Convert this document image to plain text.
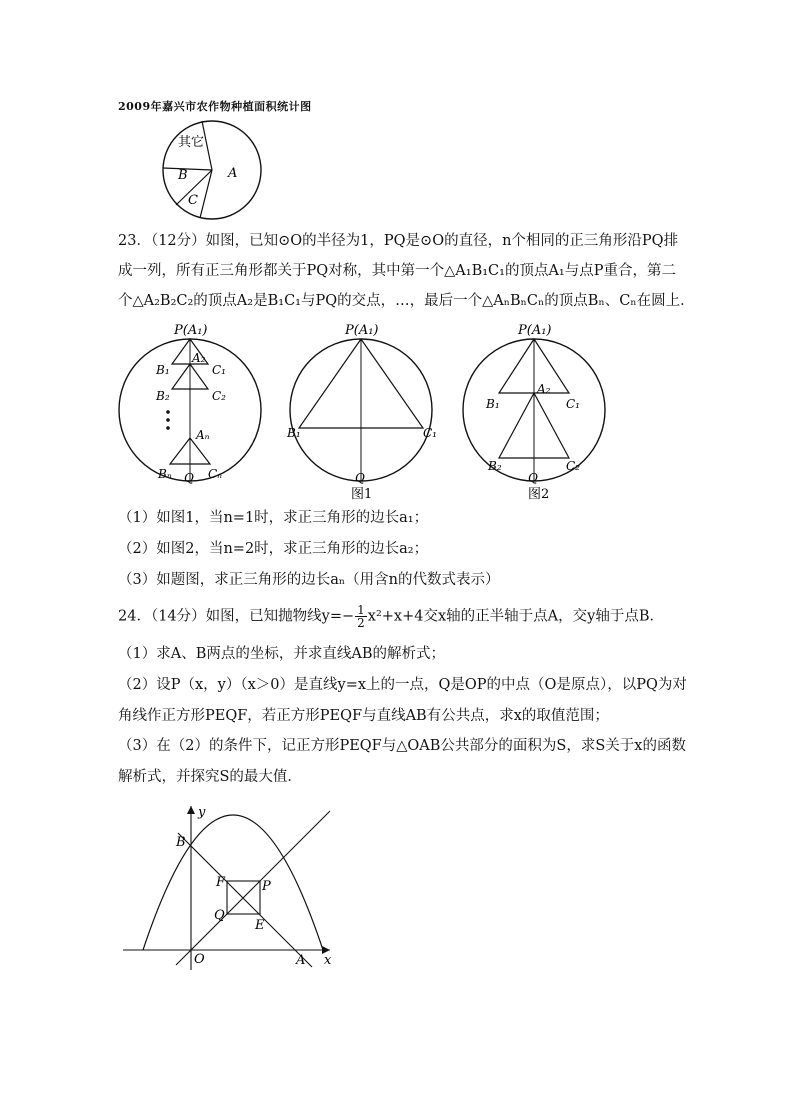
2009年嘉兴市农作物种植面积统计图
其它
A
B
C
23．（12分）如图，已知⊙O的半径为1，PQ是⊙O的直径，n个相同的正三角形沿PQ排
成一列，所有正三角形都关于PQ对称，其中第一个△A₁B₁C₁的顶点A₁与点P重合，第二
个△A₂B₂C₂的顶点A₂是B₁C₁与PQ的交点，…，最后一个△AₙBₙCₙ的顶点Bₙ、Cₙ在圆上．
P(A₁)
A₂
B₁	C₁
B₂	C₂
Aₙ
Bₙ	Cₙ
Q
P(A₁)
B₁	C₁
Q
图1
P(A₁)
A₂
B₁	C₁
B₂	C₂
Q
图2
（1）如图1，当n=1时，求正三角形的边长a₁；
（2）如图2，当n=2时，求正三角形的边长a₂；
（3）如题图，求正三角形的边长aₙ（用含n的代数式表示）
24．（14分）如图，已知抛物线$y=- \frac{1}{2} x^2+x+4$交x轴的正半轴于点A，交y轴于点B．
（1）求A、B两点的坐标，并求直线AB的解析式；
（2）设P（x，y）（x＞0）是直线y=x上的一点，Q是OP的中点（O是原点），以PQ为对
角线作正方形PEQF，若正方形PEQF与直线AB有公共点，求x的取值范围；
（3）在（2）的条件下，记正方形PEQF与△OAB公共部分的面积为S，求S关于x的函数
解析式，并探究S的最大值．
y
x
B
F	P
Q
E
O	A
